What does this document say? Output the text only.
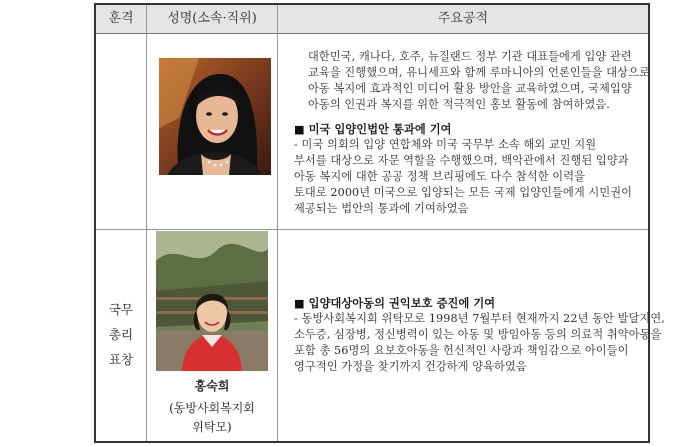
훈격	성명(소속·직위)	주요공적
대한민국, 캐나다, 호주, 뉴질랜드 정부 기관 대표들에게 입양 관련
교육을 진행했으며, 유니세프와 함께 루마니아의 언론인들을 대상으로
아동 복지에 효과적인 미디어 활용 방안을 교육하였으며, 국제입양
아동의 인권과 복지를 위한 적극적인 홍보 활동에 참여하였음.
■ 미국 입양인법안 통과에 기여
- 미국 의회의 입양 연합체와 미국 국무부 소속 해외 교민 지원
부서를 대상으로 자문 역할을 수행했으며, 백악관에서 진행된 입양과
아동 복지에 대한 공공 정책 브리핑에도 다수 참석한 이력을
토대로 2000년 미국으로 입양되는 모든 국제 입양인들에게 시민권이
제공되는 법안의 통과에 기여하였음
국무
총리
표창
홍숙희
(동방사회복지회
위탁모)
■ 입양대상아동의 권익보호 증진에 기여
- 동방사회복지회 위탁모로 1998년 7월부터 현재까지 22년 동안 발달지연,
소두증, 심장병, 정신병력이 있는 아동 및 방임아동 등의 의료적 취약아동을
포함 총 56명의 요보호아동을 헌신적인 사랑과 책임감으로 아이들이
영구적인 가정을 찾기까지 건강하게 양육하였음
